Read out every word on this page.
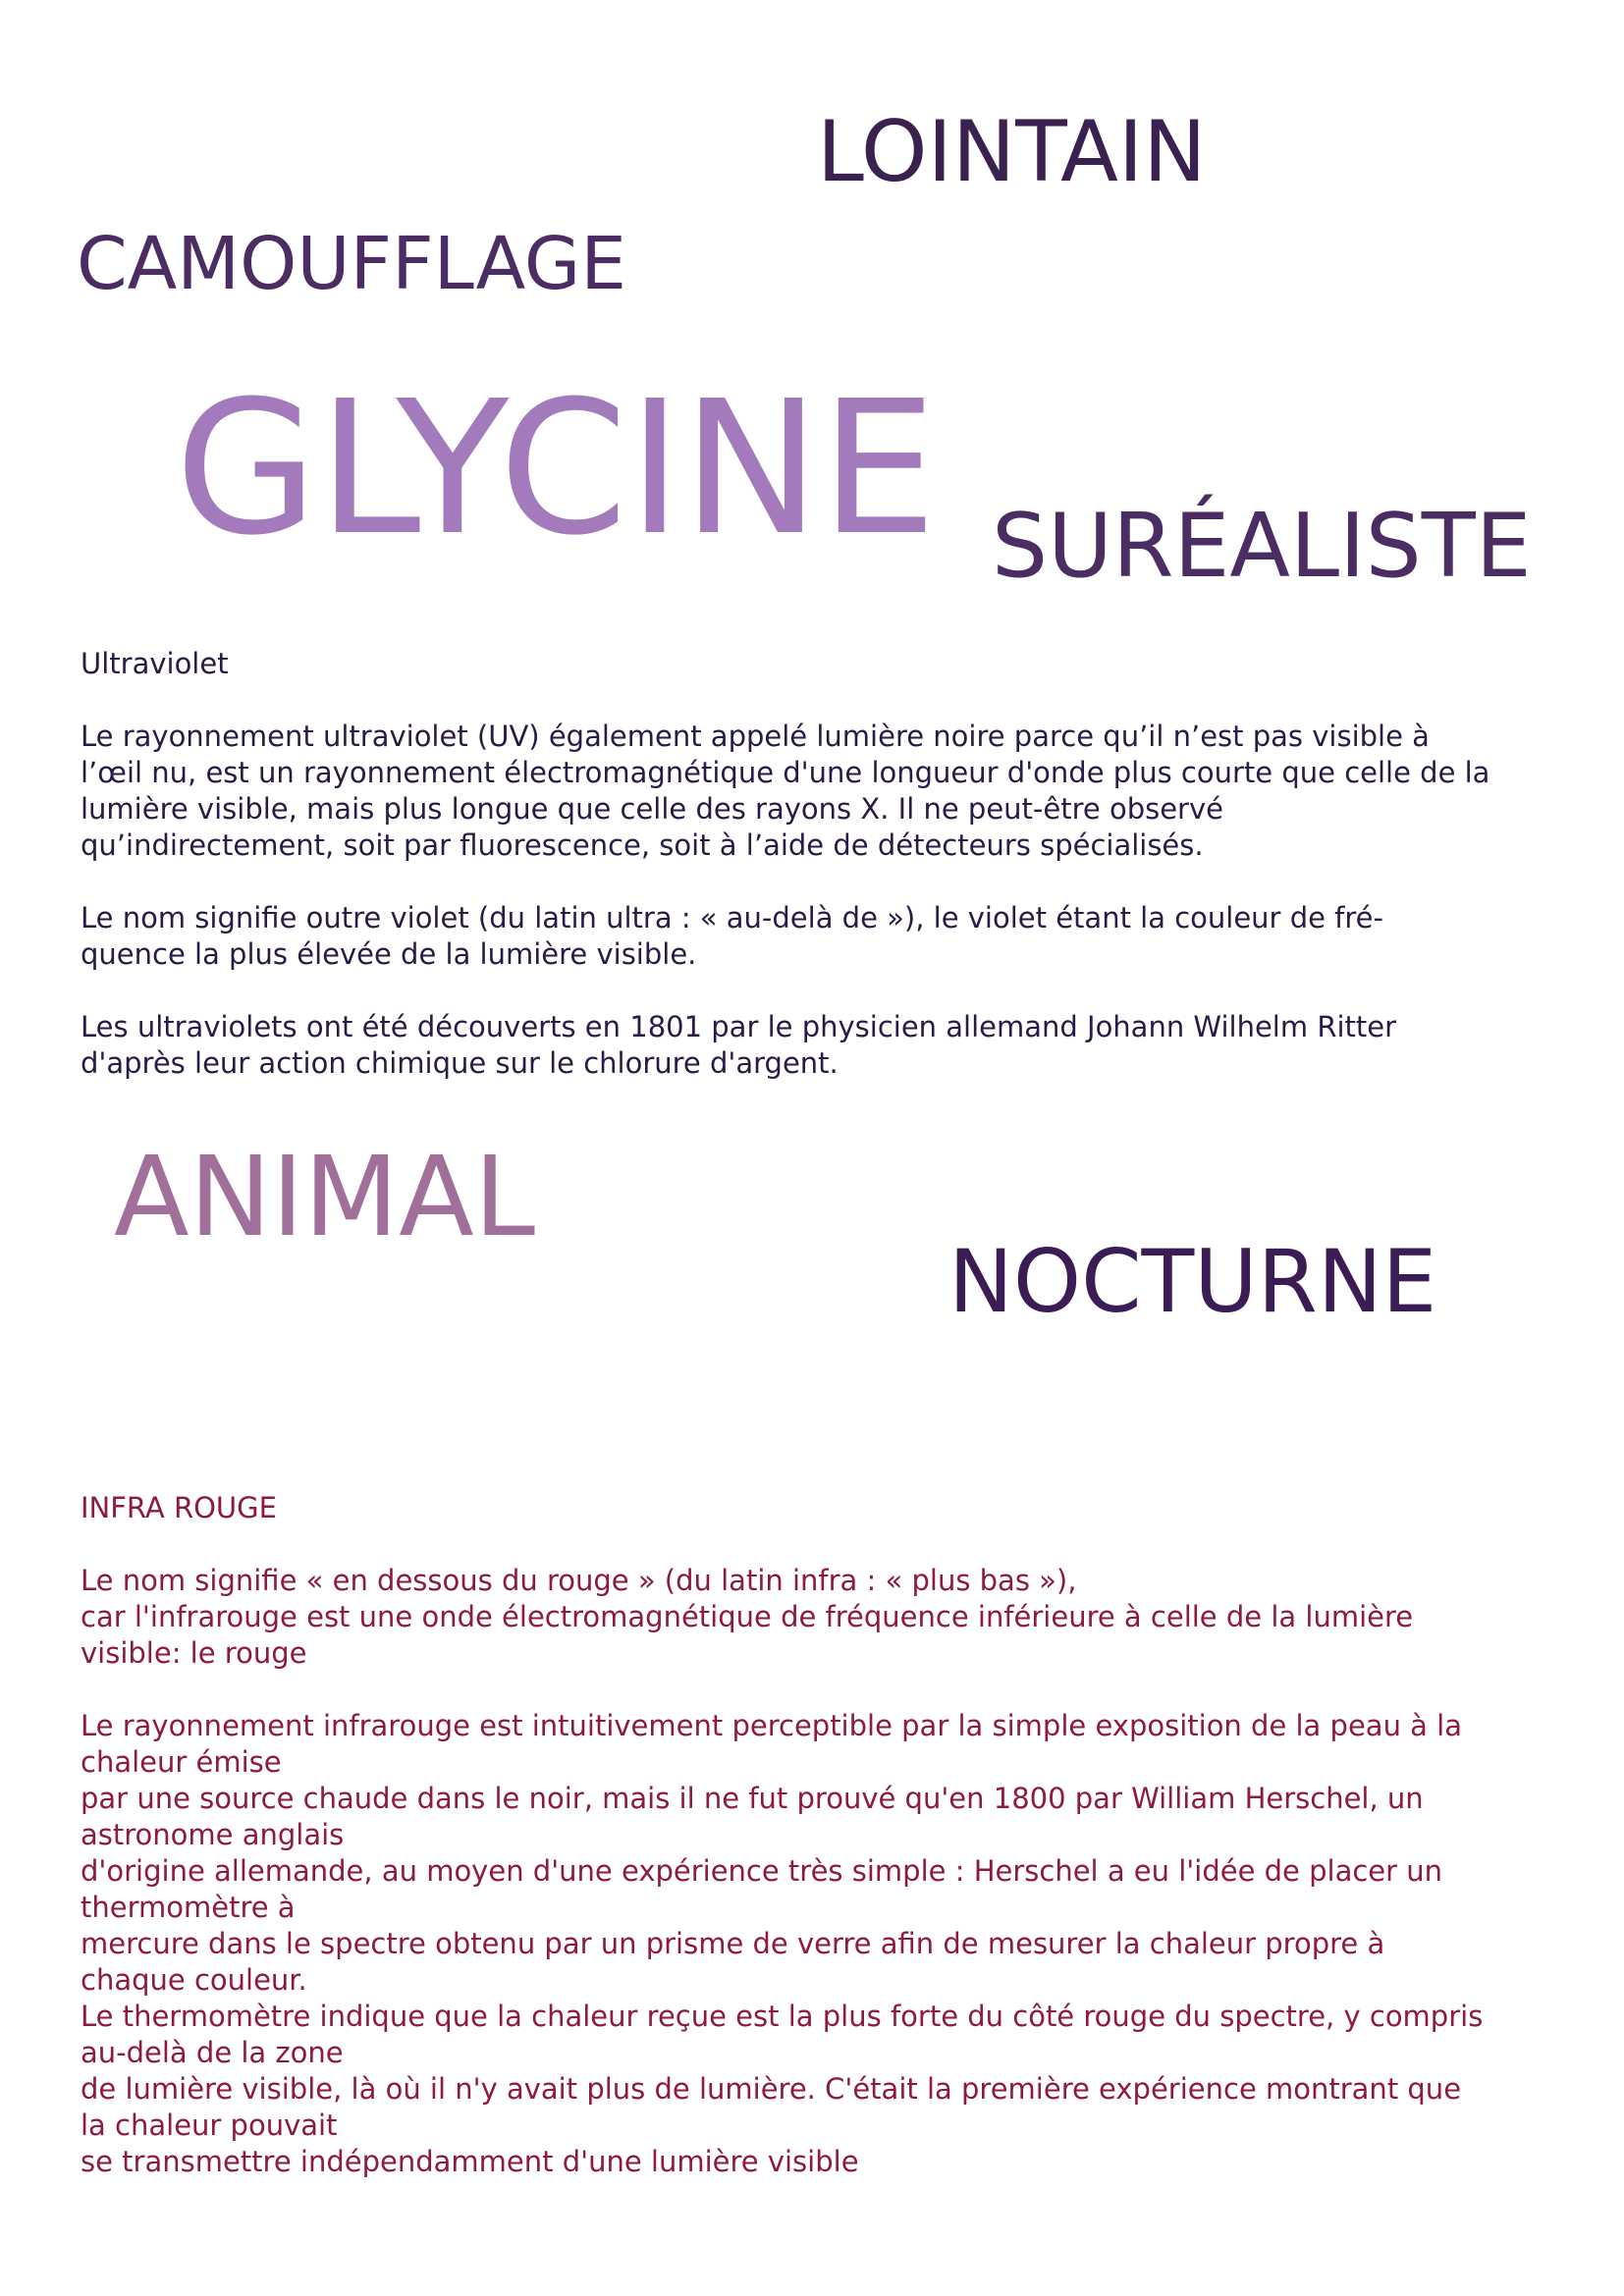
LOINTAIN
CAMOUFFLAGE
GLYCINE SURÉALISTE
Ultraviolet

Le rayonnement ultraviolet (UV) également appelé lumière noire parce qu’il n’est pas visible à
l’œil nu, est un rayonnement électromagnétique d'une longueur d'onde plus courte que celle de la
lumière visible, mais plus longue que celle des rayons X. Il ne peut-être observé
qu’indirectement, soit par fluorescence, soit à l’aide de détecteurs spécialisés.

Le nom signifie outre violet (du latin ultra : « au-delà de »), le violet étant la couleur de fré-
quence la plus élevée de la lumière visible.

Les ultraviolets ont été découverts en 1801 par le physicien allemand Johann Wilhelm Ritter
d'après leur action chimique sur le chlorure d'argent.

ANIMAL
NOCTURNE
INFRA ROUGE

Le nom signifie « en dessous du rouge » (du latin infra : « plus bas »),
car l'infrarouge est une onde électromagnétique de fréquence inférieure à celle de la lumière
visible: le rouge

Le rayonnement infrarouge est intuitivement perceptible par la simple exposition de la peau à la
chaleur émise
par une source chaude dans le noir, mais il ne fut prouvé qu'en 1800 par William Herschel, un
astronome anglais
d'origine allemande, au moyen d'une expérience très simple : Herschel a eu l'idée de placer un
thermomètre à
mercure dans le spectre obtenu par un prisme de verre afin de mesurer la chaleur propre à
chaque couleur.
Le thermomètre indique que la chaleur reçue est la plus forte du côté rouge du spectre, y compris
au-delà de la zone
de lumière visible, là où il n'y avait plus de lumière. C'était la première expérience montrant que
la chaleur pouvait
se transmettre indépendamment d'une lumière visible
